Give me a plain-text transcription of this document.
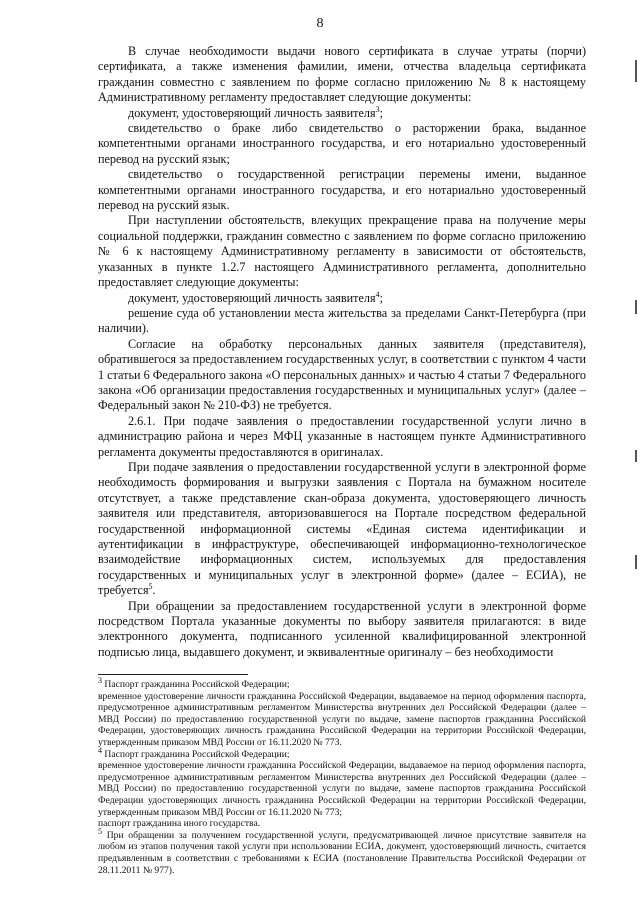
8

В случае необходимости выдачи нового сертификата в случае утраты (порчи) сертификата, а также изменения фамилии, имени, отчества владельца сертификата гражданин совместно с заявлением по форме согласно приложению № 8 к настоящему Административному регламенту предоставляет следующие документы:

документ, удостоверяющий личность заявителя$^3$;

свидетельство о браке либо свидетельство о расторжении брака, выданное компетентными органами иностранного государства, и его нотариально удостоверенный перевод на русский язык;

свидетельство о государственной регистрации перемены имени, выданное компетентными органами иностранного государства, и его нотариально удостоверенный перевод на русский язык.

При наступлении обстоятельств, влекущих прекращение права на получение меры социальной поддержки, гражданин совместно с заявлением по форме согласно приложению № 6 к настоящему Административному регламенту в зависимости от обстоятельств, указанных в пункте 1.2.7 настоящего Административного регламента, дополнительно предоставляет следующие документы:

документ, удостоверяющий личность заявителя$^4$;

решение суда об установлении места жительства за пределами Санкт-Петербурга (при наличии).

Согласие на обработку персональных данных заявителя (представителя), обратившегося за предоставлением государственных услуг, в соответствии с пунктом 4 части 1 статьи 6 Федерального закона «О персональных данных» и частью 4 статьи 7 Федерального закона «Об организации предоставления государственных и муниципальных услуг» (далее – Федеральный закон № 210-ФЗ) не требуется.

2.6.1. При подаче заявления о предоставлении государственной услуги лично в администрацию района и через МФЦ указанные в настоящем пункте Административного регламента документы предоставляются в оригиналах.

При подаче заявления о предоставлении государственной услуги в электронной форме необходимость формирования и выгрузки заявления с Портала на бумажном носителе отсутствует, а также представление скан-образа документа, удостоверяющего личность заявителя или представителя, авторизовавшегося на Портале посредством федеральной государственной информационной системы «Единая система идентификации и аутентификации в инфраструктуре, обеспечивающей информационно-технологическое взаимодействие информационных систем, используемых для предоставления государственных и муниципальных услуг в электронной форме» (далее – ЕСИА), не требуется$^5$.

При обращении за предоставлением государственной услуги в электронной форме посредством Портала указанные документы по выбору заявителя прилагаются: в виде электронного документа, подписанного усиленной квалифицированной электронной подписью лица, выдавшего документ, и эквивалентные оригиналу – без необходимости

$^3$ Паспорт гражданина Российской Федерации;

временное удостоверение личности гражданина Российской Федерации, выдаваемое на период оформления паспорта, предусмотренное административным регламентом Министерства внутренних дел Российской Федерации (далее – МВД России) по предоставлению государственной услуги по выдаче, замене паспортов гражданина Российской Федерации, удостоверяющих личность гражданина Российской Федерации на территории Российской Федерации, утвержденным приказом МВД России от 16.11.2020 № 773.

$^4$ Паспорт гражданина Российской Федерации;

временное удостоверение личности гражданина Российской Федерации, выдаваемое на период оформления паспорта, предусмотренное административным регламентом Министерства внутренних дел Российской Федерации (далее – МВД России) по предоставлению государственной услуги по выдаче, замене паспортов гражданина Российской Федерации удостоверяющих личность гражданина Российской Федерации на территории Российской Федерации, утвержденным приказом МВД России от 16.11.2020 № 773;

паспорт гражданина иного государства.

$^5$ При обращении за получением государственной услуги, предусматривающей личное присутствие заявителя на любом из этапов получения такой услуги при использовании ЕСИА, документ, удостоверяющий личность, считается предъявленным в соответствии с требованиями к ЕСИА (постановление Правительства Российской Федерации от 28.11.2011 № 977).
